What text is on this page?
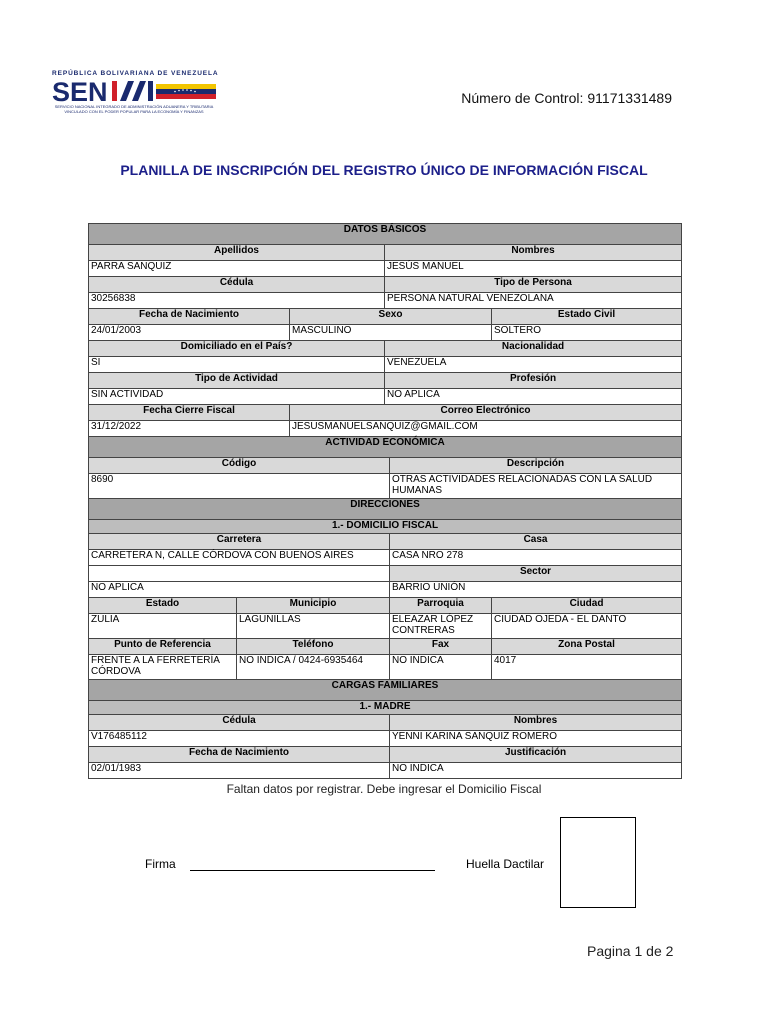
REPÚBLICA BOLIVARIANA DE VENEZUELA
SEN
SERVICIO NACIONAL INTEGRADO DE ADMINISTRACIÓN ADUANERA Y TRIBUTARIA
VINCULADO CON EL PODER POPULAR PARA LA ECONOMÍA Y FINANZAS
Número de Control: 91171331489
PLANILLA DE INSCRIPCIÓN DEL REGISTRO ÚNICO DE INFORMACIÓN FISCAL
DATOS BÁSICOS					
Apellidos			Nombres		
PARRA SANQUIZ			JESÚS MANUEL		
Cédula			Tipo de Persona		
30256838			PERSONA NATURAL VENEZOLANA		
Fecha de Nacimiento		Sexo			Estado Civil
24/01/2003		MASCULINO			SOLTERO
Domiciliado en el País?			Nacionalidad		
SI			VENEZUELA		
Tipo de Actividad			Profesión		
SIN ACTIVIDAD			NO APLICA		
Fecha Cierre Fiscal		Correo Electrónico			
31/12/2022		JESUSMANUELSANQUIZ@GMAIL.COM			
ACTIVIDAD ECONÓMICA					
Código				Descripción	
8690				OTRAS ACTIVIDADES RELACIONADAS CON LA SALUD HUMANAS	
DIRECCIONES					
1.- DOMICILIO FISCAL					
Carretera				Casa	
CARRETERA N, CALLE CÓRDOVA CON BUENOS AIRES				CASA NRO 278	
				Sector	
NO APLICA				BARRIO UNIÓN	
Estado	Municipio			Parroquia	Ciudad
ZULIA	LAGUNILLAS			ELEAZAR LÓPEZ CONTRERAS	CIUDAD OJEDA - EL DANTO
Punto de Referencia	Teléfono			Fax	Zona Postal
FRENTE A LA FERRETERÍA CÓRDOVA	NO INDICA / 0424-6935464			NO INDICA	4017
CARGAS FAMILIARES					
1.- MADRE					
Cédula				Nombres	
V176485112				YENNI KARINA SANQUIZ ROMERO	
Fecha de Nacimiento				Justificación	
02/01/1983				NO INDICA	
Faltan datos por registrar. Debe ingresar el Domicilio Fiscal
Firma	Huella Dactilar
Pagina 1 de 2
